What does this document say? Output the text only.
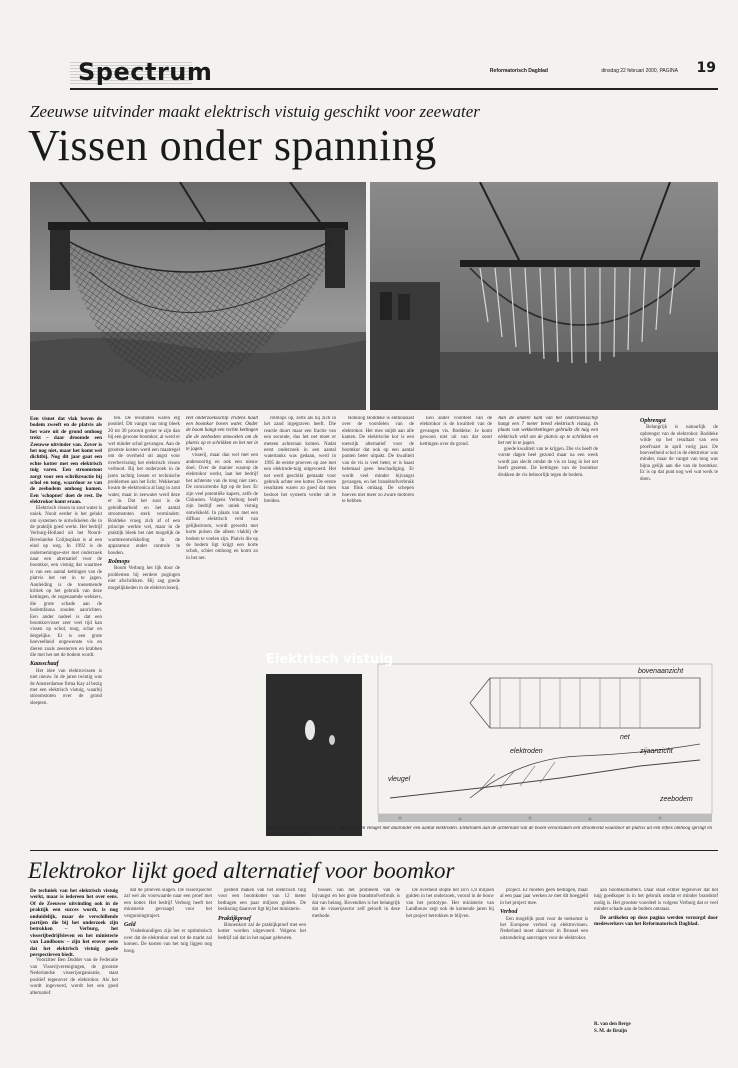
Spectrum	Reformatorisch Dagblad	dinsdag 22 februari 2000, PAGINA 19
Zeeuwse uitvinder maakt elektrisch vistuig geschikt voor zeewater
Vissen onder spanning
Een visnet dat vlak boven de bodem zweeft en de platvis als het ware uit de grond omhoog trekt – daar droomde een Zeeuwse uitvinder van. Zover is het nog niet, maar het komt wel dichtbij. Nog dit jaar gaat een echte kotter met een elektrisch tuig varen. Een stroomstoot zorgt voor een schrikreactie bij schol en tong, waardoor ze van de zeebodem omhoog komen. Een 'schopnet' doet de rest. De elektrokor komt eraan.

Elektrisch vissen in zout water is uniek. Nooit eerder is het gelukt om systemen te ontwikkelen die in de praktijk goed werkt. Het bedrijf Verburg-Holland uit het Noord-Bevelandse Colijnsplaat is al een eind op weg. In 1992 is de ondernemingse-ster met onderzoek naar een alternatief voor de boomkor, een vistuig dat waarmee is van een aantal kettingen van de platvis het net in te jagen. Aanleiding is de toenemende kritiek op het gebruik van deze kettingen, de zogenaamde wekkers, die grote schade aan de bodemfauna zouden aanrichten. Een ander nadeel is dat een boomkorvisser zeer veel tijd kan vissen op schol, tong, schar en dergelijke. Er is een grote hoeveelheid ongewenste vis en dieren zoals zeesterren en krabben die met het net de bodem wordt.

Kaasschaaf

Het idee van elektrovissen is niet nieuw. In de jaren twintig was de Amsterdamse firma Kay al bezig met een elektrisch vistuig, waarbij stroomstoten over de grond sleepten.

ten. De resultaten waren erg positief. Dit vangst van tong bleek 20 tot 30 procent groter te zijn dan bij een gewone boomkor, al werd er wel minder schol gevangen. Aan de grootste kosten werd een maatregel om de overheid uit angst voor overbevissing het elektrisch vissen verbood. Bij het onderzoek in de jaren tachtig lossen er technische problemen aan het licht. Wekkeraar kwam de elektronica al lang in zout water, maar in zeewater werd deze er in. Dat het zout is de geleidbaarheid en het aantal stroomstoten sterk vermindert. Boddeke vroeg zich af of een principe werkte wel, maar in de praktijk bleek het niet mogelijk de warmteontwikkeling in de apparatuur onder controle te houden.

Rolmops

Boom Verburg het lijk door de problemen bij eerdere pogingen niet afschrikken. Hij zag goede mogelijkheden in de elektrovisserij.

Het onderzoeksschip Tridens haalt een boomkor boven water. Onder de boom hangt een rechte kettingen die de zeebodem omwoelen om de platvis op te schrikken en het net in te jagen.

visserij, maar dan wel met een andersoortig en ook een nieuw doel. Over de manier waarop de elektrokor werkt, laat het bedrijf het achterste van de tong niet zien. De concurrentie ligt op de loer. Er zijn veel potentiële kapers, zelfs de Chinezen. Volgens Verburg heeft zijn bedrijf een uniek vistuig ontwikkeld. In plaats van met een diffuus elektrisch veld van gelijkstroom, wordt gewerkt met korte pulsen die alleen vlakbij de bodem te voelen zijn. Platvis die op de bodem ligt krijgt een korte schok, schiet omhoog en komt zo in het net.

rolmops op, zelfs als hij zich in het zand ingegraven heeft. Die reactie duurt maar een fractie van een seconde, dus het net moet er meteen achteraan komen. Nadat eerst onderzoek in een aantal watertanks was gedaan, werd in 1995 de eerste proeven op zee met een elektrode-tuig uitgevoerd. Het net werd geschikt gemaakt voor gebruik achter een kotter. De eerste resultaten waren zo goed dat men besloot het systeem verder uit te breiden.

Rolkoog Boddeke is enthousiast over de voordelen van de elektrokor. Het mes snijdt aan alle kanten. De elektrische kor is een toetsrijk alternatief voor de boomkor dat ook op een aantal punten beter uitpakt. De kwaliteit van de vis is veel beter, er is haast helemaal geen beschadiging. Er wordt veel minder bijvangst gevangen, en het brandstofverbruik kan flink omlaag. De schepen hoeven niet meer zo zware motoren te hebben.

Een ander voordeel van de elektrokor is de kwaliteit van de gevangen vis. Boddeke: Je komt gewoon niet uit van dat soort kettingen over de grond.

Aan de andere kant van het onderzoeksschip hangt een 7 meter breed elektrisch vistuig. In plaats van wekkerkettingen gebruikt dit tuig een elektrisch veld om de platvis op te schrikken en het net in te jagen.

goede kwaliteit van te krijgen. Die vis heeft de vorste dagen heel gezond maar na een week wordt pas slecht omdat de vis zo lang in het net heeft gezeten. De kettingen van de boomkor drukken de vis behoorlijk tegen de bodem.

Opbrengst

Belangrijk is natuurlijk de opbrengst van de elektrokor. Boddeke wilde op het resultaat van een proefvaart in april vorig jaar. De boeveelheid schol in de elektrokor was minder, maar de vangst van tong was bijna gelijk aan die van de boomkor. Er is op dat punt nog wel wat werk te doen.

Elektrisch vistuig
bovenaanzicht
zijaanzicht
vleugel
elektroden
net
zeebodem
Aan de voorkant van het elektrisch vistuig zit een vleugel met daaronder een aantal elektroden. Elektroden aan de achterkant van de boom veroorzaken een stroomveld waardoor de platvis uit een reflex omhoog springt en in het net terechtkomt.
Elektrokor lijkt goed alternatief voor boomkor
De techniek van het elektrisch vistuig werkt, maar is iedereen het over eens. Of de Zeeuwse uitvinding ook in de praktijk een succes wordt, is nog onduidelijk, maar de verschillende partijen die bij het onderzoek zijn betrokken – Verburg, het visserijbedrijfsleven en het ministerie van Landbouw – zijn het erover eens dat het elektrisch vistuig goede perspectieven biedt.

Voorzitter Ben Dudder van de Federatie van Visserijverenigingen, de grootste Nederlandse visserijorganisatie, staat positief tegenover de elektrokor. Als het wordt ingevoerd, wordt het een goed alternatief.

dat de proeven slagen. De visserijsector zal wel als voorwaarde naar een proef met een kotter. Het bedrijf Verburg heeft het ministerie gevraagd voor het vergunningtraject.

Geld

Visdeskundigen zijn het er optimistisch over dat de elektrokor snel tot de markt zal komen. De kosten van het tuig liggen nog hoog.

gesteld maken van het elektrisch tuig voor een boomkotter van 12 meter bedragen een paar miljoen gulden. De beslissing daarover ligt bij het ministerie.

Praktijkproef

Binnenkort zal de praktijkproef met een kotter worden uitgevoerd. Volgens het bedrijf zal dat in het najaar gebeuren.

bossen van het probleem van de bijvangst en het grote brandstofverbruik is dat van belang. Bovendien is het belangrijk dat de visserijsector zelf gelooft in deze methode.

De overheid stopte het zo'n 1,8 miljoen gulden in het onderzoek, vooral in de bouw van het prototype. Het ministerie van Landbouw zegt ook de komende jaren bij het project betrokken te blijven.

project. Er moeten geen bedragen, maar al een paar jaar werken ze met dit boeggeld in het project mee.

Verbod

Een mogelijk punt voor de toekomst is het Europese verbod op elektrovissen. Nederland moet daarvoor in Brussel een uitzondering aanvragen voor de elektrokor.

aan boomkorkotters. Daar staat echter tegenover dat het tuig goedkoper is in het gebruik omdat er minder brandstof nodig is. Het grootste voordeel is volgens Verburg dat er veel minder schade aan de bodem ontstaat.

De artikelen op deze pagina werden verzorgd door medewerkers van het Reformatorisch Dagblad.

R. van den Berge
S. M. de Bruijn
